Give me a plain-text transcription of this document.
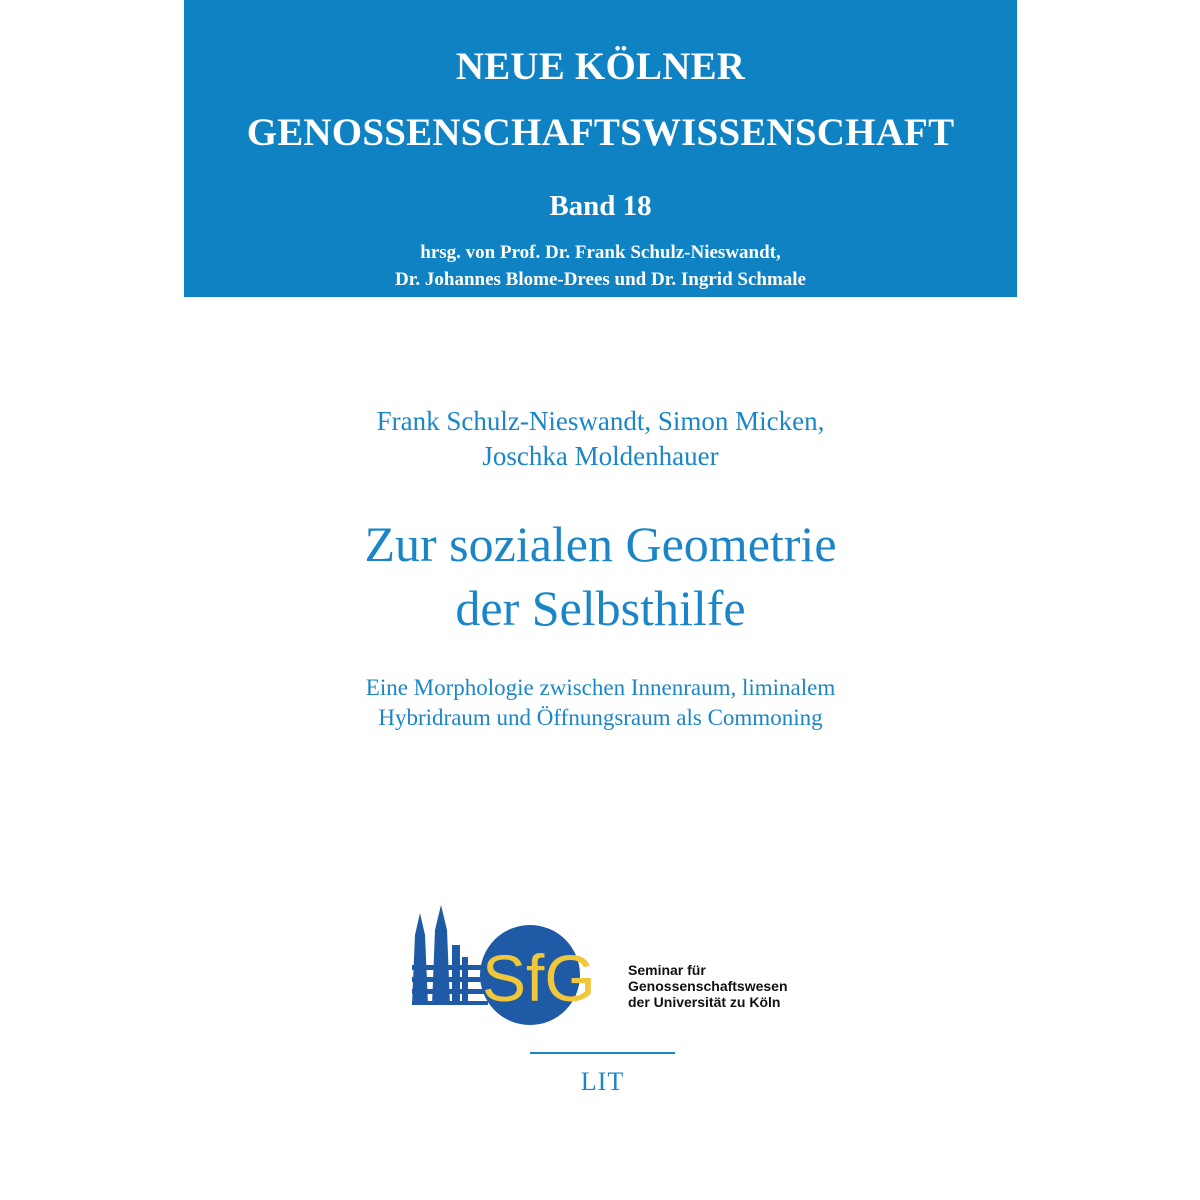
NEUE KÖLNER
GENOSSENSCHAFTSWISSENSCHAFT
Band 18
hrsg. von Prof. Dr. Frank Schulz-Nieswandt,
Dr. Johannes Blome-Drees und Dr. Ingrid Schmale
Frank Schulz-Nieswandt, Simon Micken,
Joschka Moldenhauer
Zur sozialen Geometrie
der Selbsthilfe
Eine Morphologie zwischen Innenraum, liminalem
Hybridraum und Öffnungsraum als Commoning
SfG Seminar für
Genossenschaftswesen
der Universität zu Köln
LIT
